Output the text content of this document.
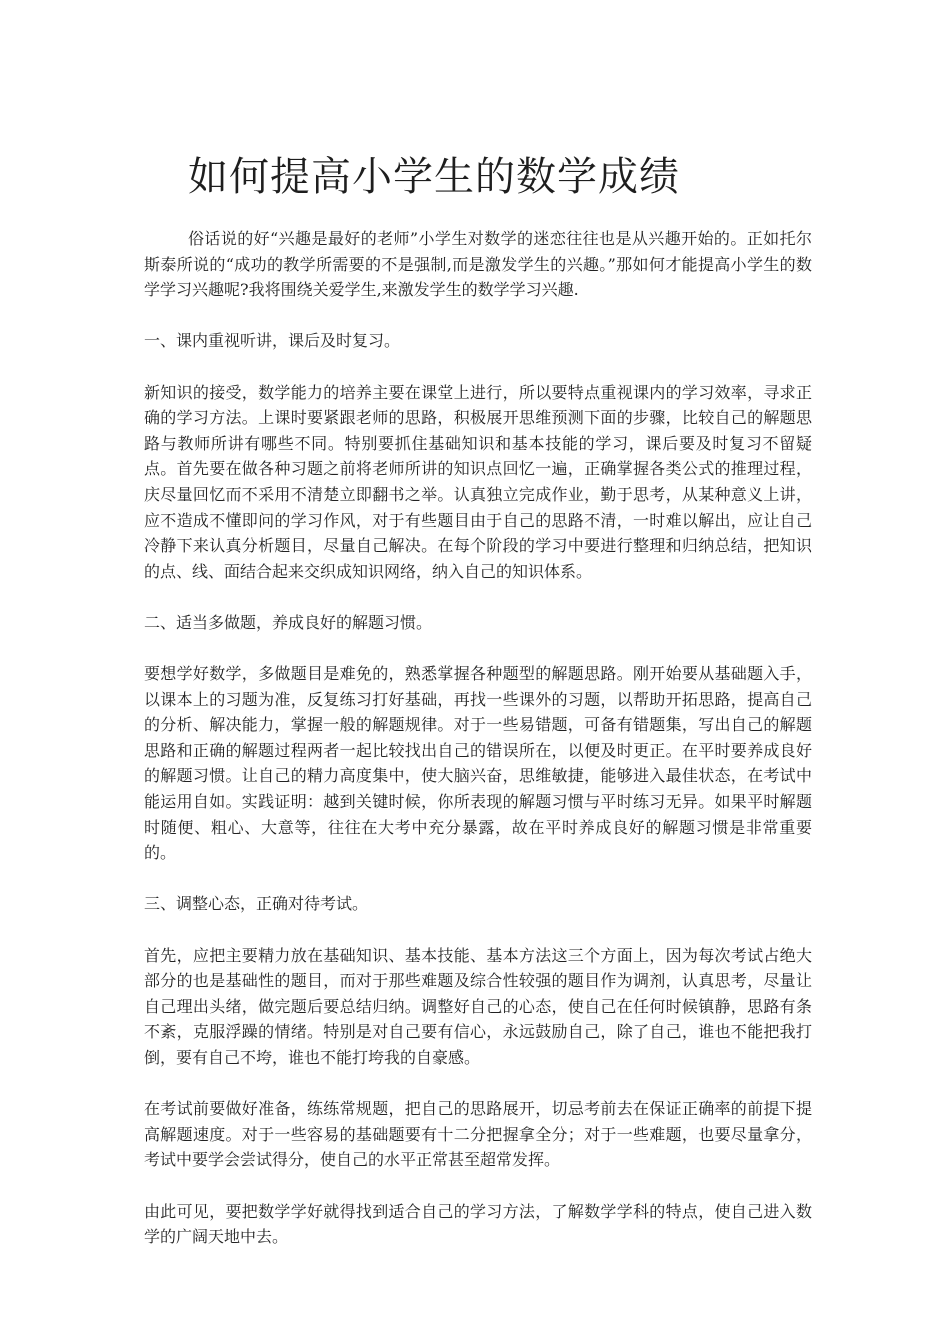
如何提高小学生的数学成绩

俗话说的好“兴趣是最好的老师”小学生对数学的迷恋往往也是从兴趣开始的。正如托尔斯泰所说的“成功的教学所需要的不是强制,而是激发学生的兴趣。”那如何才能提高小学生的数学学习兴趣呢?我将围绕关爱学生,来激发学生的数学学习兴趣.

一、课内重视听讲，课后及时复习。

新知识的接受，数学能力的培养主要在课堂上进行，所以要特点重视课内的学习效率，寻求正确的学习方法。上课时要紧跟老师的思路，积极展开思维预测下面的步骤，比较自己的解题思路与教师所讲有哪些不同。特别要抓住基础知识和基本技能的学习，课后要及时复习不留疑点。首先要在做各种习题之前将老师所讲的知识点回忆一遍，正确掌握各类公式的推理过程，庆尽量回忆而不采用不清楚立即翻书之举。认真独立完成作业，勤于思考，从某种意义上讲，应不造成不懂即问的学习作风，对于有些题目由于自己的思路不清，一时难以解出，应让自己冷静下来认真分析题目，尽量自己解决。在每个阶段的学习中要进行整理和归纳总结，把知识的点、线、面结合起来交织成知识网络，纳入自己的知识体系。

二、适当多做题，养成良好的解题习惯。

要想学好数学，多做题目是难免的，熟悉掌握各种题型的解题思路。刚开始要从基础题入手，以课本上的习题为准，反复练习打好基础，再找一些课外的习题，以帮助开拓思路，提高自己的分析、解决能力，掌握一般的解题规律。对于一些易错题，可备有错题集，写出自己的解题思路和正确的解题过程两者一起比较找出自己的错误所在，以便及时更正。在平时要养成良好的解题习惯。让自己的精力高度集中，使大脑兴奋，思维敏捷，能够进入最佳状态，在考试中能运用自如。实践证明：越到关键时候，你所表现的解题习惯与平时练习无异。如果平时解题时随便、粗心、大意等，往往在大考中充分暴露，故在平时养成良好的解题习惯是非常重要的。

三、调整心态，正确对待考试。

首先，应把主要精力放在基础知识、基本技能、基本方法这三个方面上，因为每次考试占绝大部分的也是基础性的题目，而对于那些难题及综合性较强的题目作为调剂，认真思考，尽量让自己理出头绪，做完题后要总结归纳。调整好自己的心态，使自己在任何时候镇静，思路有条不紊，克服浮躁的情绪。特别是对自己要有信心，永远鼓励自己，除了自己，谁也不能把我打倒，要有自己不垮，谁也不能打垮我的自豪感。

在考试前要做好准备，练练常规题，把自己的思路展开，切忌考前去在保证正确率的前提下提高解题速度。对于一些容易的基础题要有十二分把握拿全分；对于一些难题，也要尽量拿分，考试中要学会尝试得分，使自己的水平正常甚至超常发挥。

由此可见，要把数学学好就得找到适合自己的学习方法，了解数学学科的特点，使自己进入数学的广阔天地中去。
